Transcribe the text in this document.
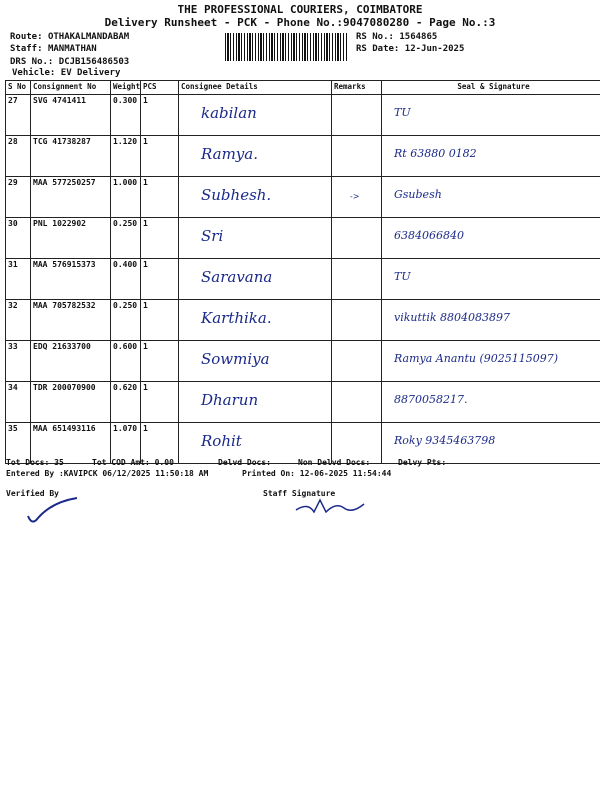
THE PROFESSIONAL COURIERS, COIMBATORE
Delivery Runsheet - PCK - Phone No.:9047080280 - Page No.:3
Route: OTHAKALMANDABAM
Staff: MANMATHAN
DRS No.: DCJB156486503
Vehicle: EV Delivery
RS No.: 1564865
RS Date: 12-Jun-2025
S No	Consignment No	Weight	PCS	Consignee Details	Remarks	Seal & Signature
27	SVG 4741411	0.300	1	kabilan		TU

28	TCG 41738287	1.120	1	Ramya.		Rt 63880 0182

29	MAA 577250257	1.000	1	Subhesh.	->	Gsubesh

30	PNL 1022902	0.250	1	Sri		6384066840

31	MAA 576915373	0.400	1	Saravana		TU

32	MAA 705782532	0.250	1	Karthika.		vikuttik 8804083897

33	EDQ 21633700	0.600	1	Sowmiya		Ramya Anantu (9025115097)

34	TDR 200070900	0.620	1	Dharun		8870058217.

35	MAA 651493116	1.070	1	Rohit		Roky 9345463798
Tot Docs: 35	Tot COD Amt: 0.00	Delvd Docs:	Non Delvd Docs:	Delvy Pts:
Entered By :KAVIPCK 06/12/2025 11:50:18 AM	Printed On: 12-06-2025 11:54:44
Verified By	Staff Signature
